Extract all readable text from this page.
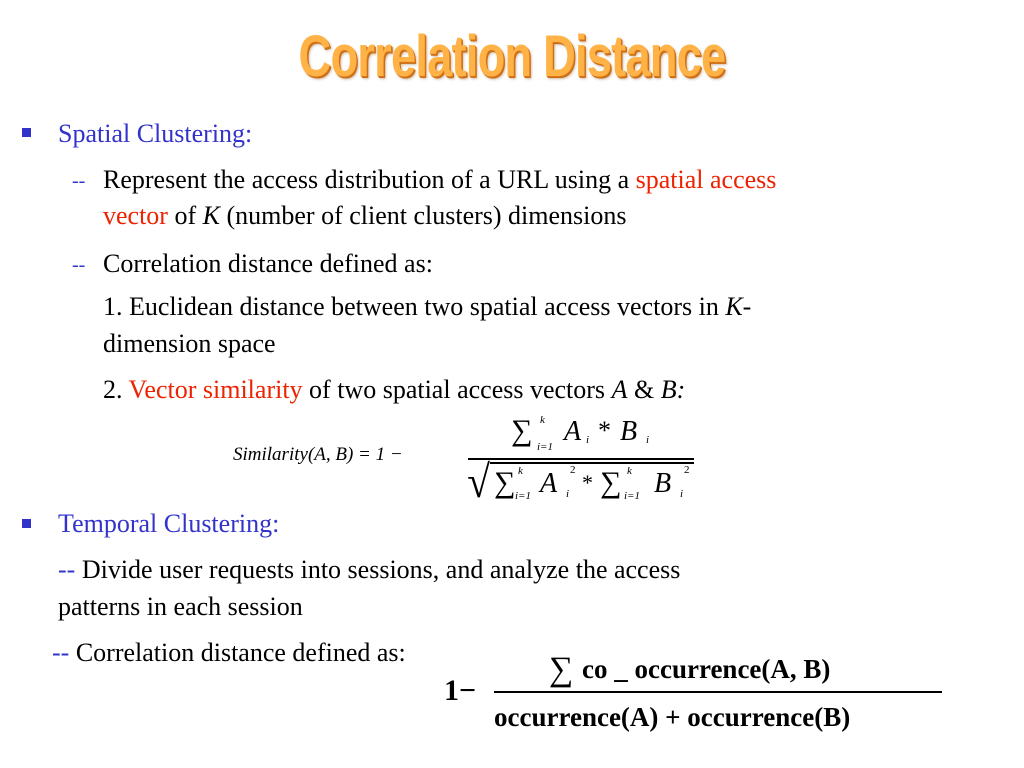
Correlation Distance
Spatial Clustering:
-- Represent the access distribution of a URL using a spatial access
vector of K (number of client clusters) dimensions
-- Correlation distance defined as:
1. Euclidean distance between two spatial access vectors in K-
dimension space
2. Vector similarity of two spatial access vectors A & B:
Similarity(A, B) = 1 −
∑ k
i=1 A i * B i
√ ∑ k
i=1 A 2
i * ∑ k
i=1 B 2
i
Temporal Clustering:
-- Divide user requests into sessions, and analyze the access
patterns in each session
-- Correlation distance defined as:
1−
∑ co _ occurrence(A, B)
occurrence(A) + occurrence(B)
